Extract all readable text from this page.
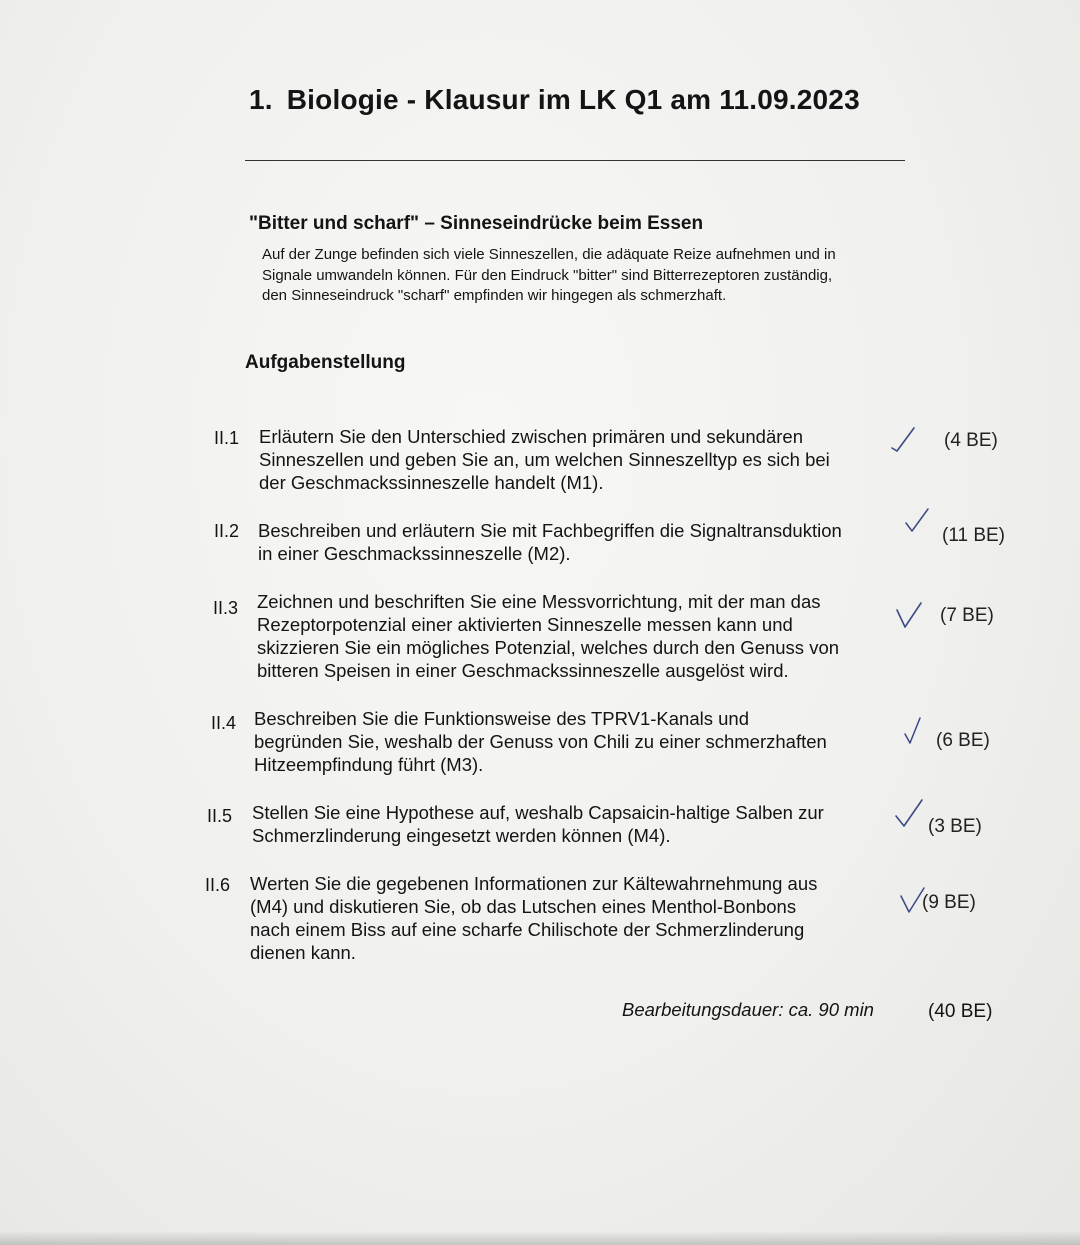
1. Biologie - Klausur im LK Q1 am 11.09.2023
"Bitter und scharf" – Sinneseindrücke beim Essen
Auf der Zunge befinden sich viele Sinneszellen, die adäquate Reize aufnehmen und in
Signale umwandeln können. Für den Eindruck "bitter" sind Bitterrezeptoren zuständig,
den Sinneseindruck "scharf" empfinden wir hingegen als schmerzhaft.
Aufgabenstellung
II.1 Erläutern Sie den Unterschied zwischen primären und sekundären
Sinneszellen und geben Sie an, um welchen Sinneszelltyp es sich bei
der Geschmackssinneszelle handelt (M1).
(4 BE)
II.2 Beschreiben und erläutern Sie mit Fachbegriffen die Signaltransduktion
in einer Geschmackssinneszelle (M2).
(11 BE)
II.3 Zeichnen und beschriften Sie eine Messvorrichtung, mit der man das
Rezeptorpotenzial einer aktivierten Sinneszelle messen kann und
skizzieren Sie ein mögliches Potenzial, welches durch den Genuss von
bitteren Speisen in einer Geschmackssinneszelle ausgelöst wird.
(7 BE)
II.4 Beschreiben Sie die Funktionsweise des TPRV1-Kanals und
begründen Sie, weshalb der Genuss von Chili zu einer schmerzhaften
Hitzeempfindung führt (M3).
(6 BE)
II.5 Stellen Sie eine Hypothese auf, weshalb Capsaicin-haltige Salben zur
Schmerzlinderung eingesetzt werden können (M4).	(3 BE)
II.6 Werten Sie die gegebenen Informationen zur Kältewahrnehmung aus
(M4) und diskutieren Sie, ob das Lutschen eines Menthol-Bonbons
nach einem Biss auf eine scharfe Chilischote der Schmerzlinderung
dienen kann.
(9 BE)
Bearbeitungsdauer: ca. 90 min	(40 BE)
